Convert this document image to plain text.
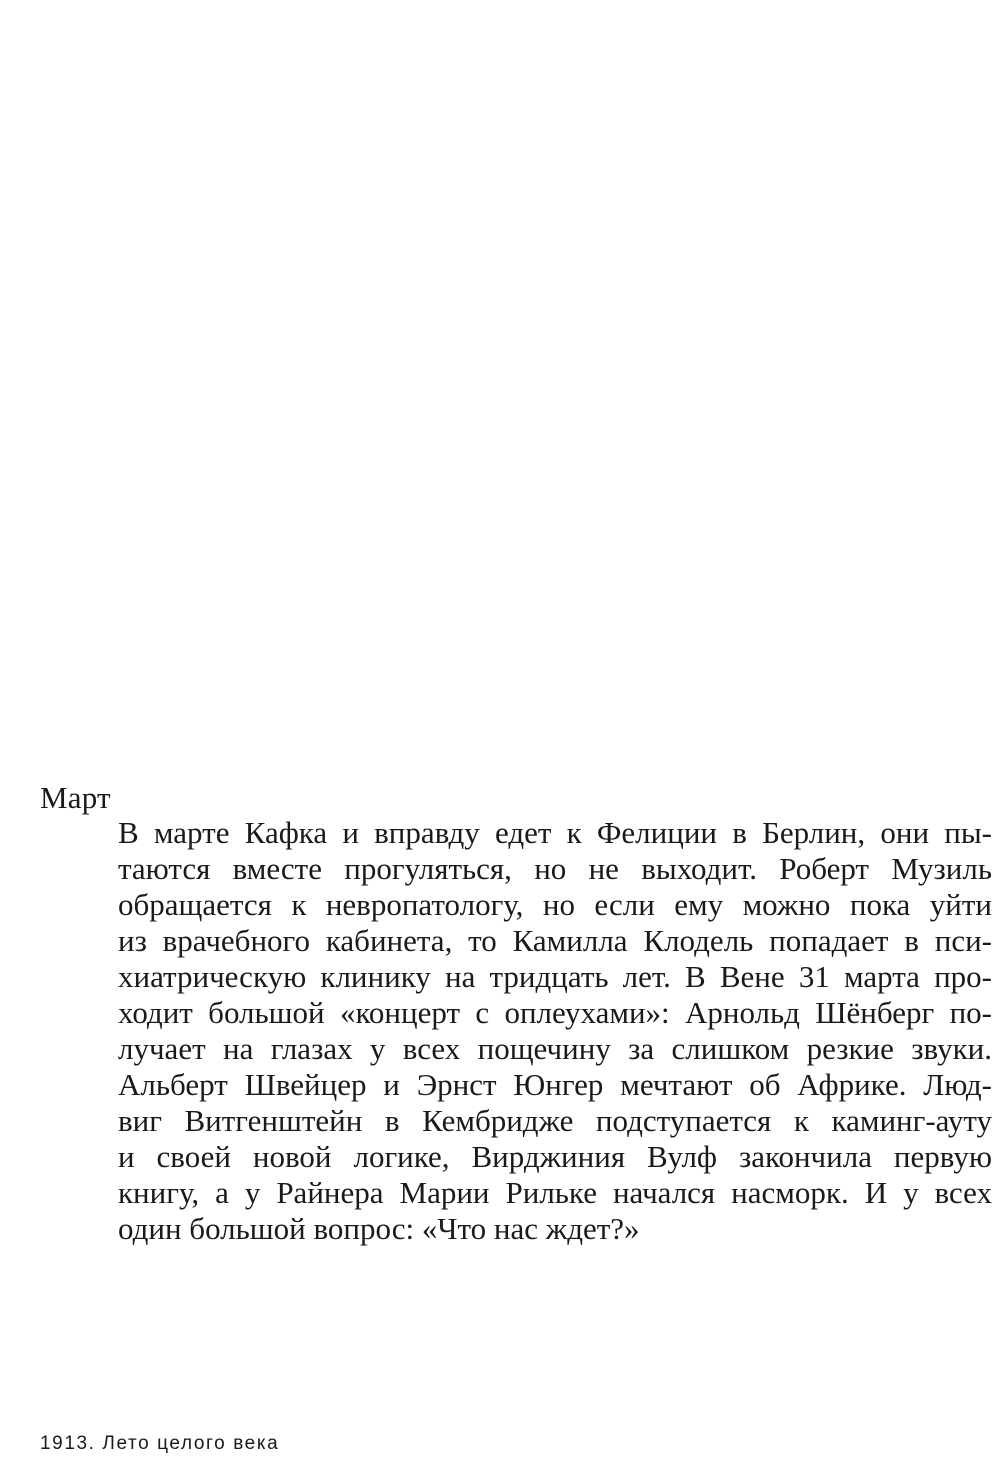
Март
В марте Кафка и вправду едет к Фелиции в Берлин, они пы-
таются вместе прогуляться, но не выходит. Роберт Музиль
обращается к невропатологу, но если ему можно пока уйти
из врачебного кабинета, то Камилла Клодель попадает в пси-
хиатрическую клинику на тридцать лет. В Вене 31 марта про-
ходит большой «концерт с оплеухами»: Арнольд Шёнберг по-
лучает на глазах у всех пощечину за слишком резкие звуки.
Альберт Швейцер и Эрнст Юнгер мечтают об Африке. Люд-
виг Витгенштейн в Кембридже подступается к каминг-ауту
и своей новой логике, Вирджиния Вулф закончила первую
книгу, а у Райнера Марии Рильке начался насморк. И у всех
один большой вопрос: «Что нас ждет?»
1913. Лето целого века
